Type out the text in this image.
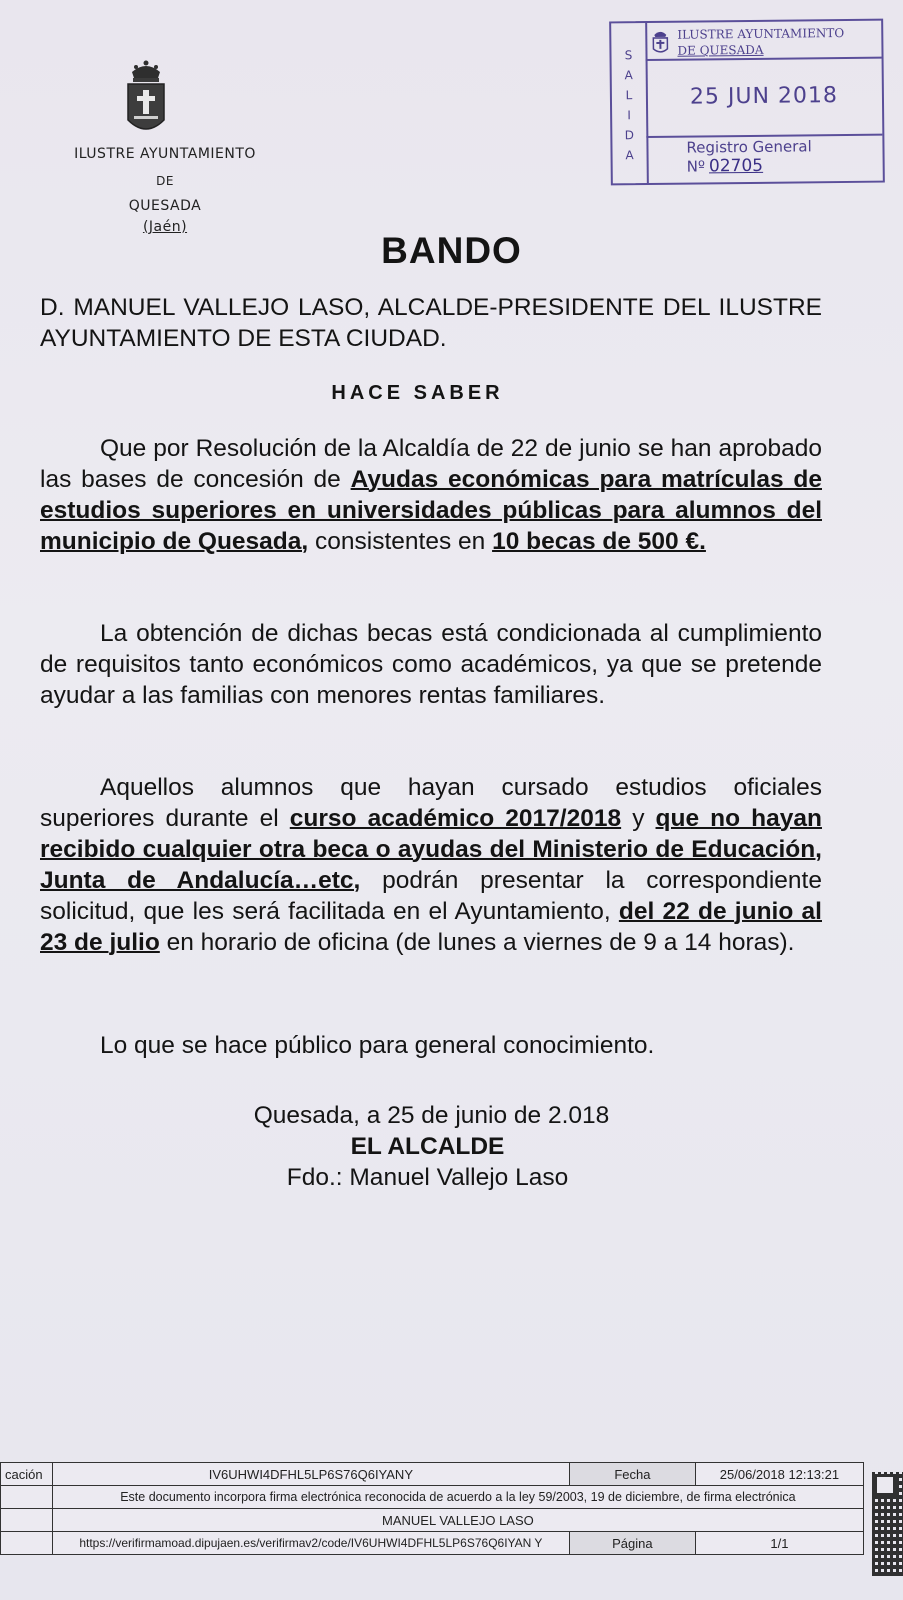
ILUSTRE AYUNTAMIENTO
DE
QUESADA
(Jaén)
S
A
L
I
D
A
ILUSTRE AYUNTAMIENTO
DE QUESADA
25 JUN 2018
Registro General
Nº 02705
BANDO
D. MANUEL VALLEJO LASO, ALCALDE-PRESIDENTE DEL ILUSTRE AYUNTAMIENTO DE ESTA CIUDAD.
HACE SABER
Que por Resolución de la Alcaldía de 22 de junio se han aprobado las bases de concesión de Ayudas económicas para matrículas de estudios superiores en universidades públicas para alumnos del municipio de Quesada, consistentes en 10 becas de 500 €.
La obtención de dichas becas está condicionada al cumplimiento de requisitos tanto económicos como académicos, ya que se pretende ayudar a las familias con menores rentas familiares.
Aquellos alumnos que hayan cursado estudios oficiales superiores durante el curso académico 2017/2018 y que no hayan recibido cualquier otra beca o ayudas del Ministerio de Educación, Junta de Andalucía…etc, podrán presentar la correspondiente solicitud, que les será facilitada en el Ayuntamiento, del 22 de junio al 23 de julio en horario de oficina (de lunes a viernes de 9 a 14 horas).
Lo que se hace público para general conocimiento.
Quesada, a 25 de junio de 2.018
EL ALCALDE
Fdo.: Manuel Vallejo Laso
cación	IV6UHWI4DFHL5LP6S76Q6IYANY	Fecha	25/06/2018 12:13:21
	Este documento incorpora firma electrónica reconocida de acuerdo a la ley 59/2003, 19 de diciembre, de firma electrónica		
	MANUEL VALLEJO LASO		
	https://verifirmamoad.dipujaen.es/verifirmav2/code/IV6UHWI4DFHL5LP6S76Q6IYAN Y	Página	1/1
